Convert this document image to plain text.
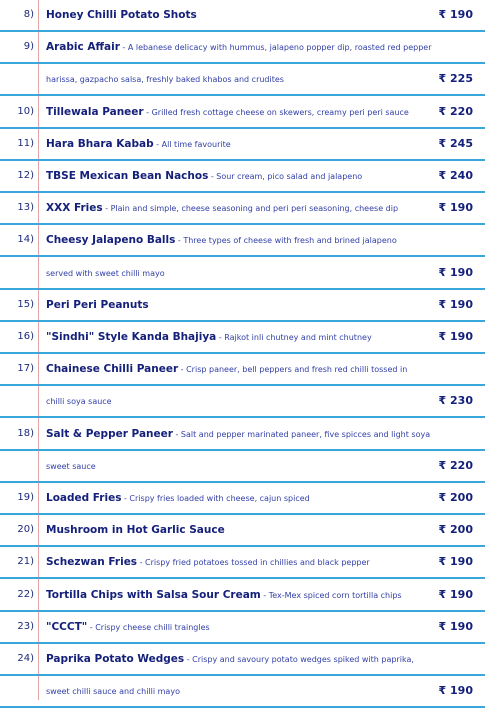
8) Honey Chilli Potato Shots	₹ 190
9) Arabic Affair - A lebanese delicacy with hummus, jalapeno popper dip, roasted red pepper
harissa, gazpacho salsa, freshly baked khabos and crudites	₹ 225
10) Tillewala Paneer - Grilled fresh cottage cheese on skewers, creamy peri peri sauce	₹ 220
11) Hara Bhara Kabab - All time favourite	₹ 245
12) TBSE Mexican Bean Nachos - Sour cream, pico salad and jalapeno	₹ 240
13) XXX Fries - Plain and simple, cheese seasoning and peri peri seasoning, cheese dip	₹ 190
14) Cheesy Jalapeno Balls - Three types of cheese with fresh and brined jalapeno
served with sweet chilli mayo	₹ 190
15) Peri Peri Peanuts	₹ 190
16) "Sindhi" Style Kanda Bhajiya - Rajkot inli chutney and mint chutney	₹ 190
17) Chainese Chilli Paneer - Crisp paneer, bell peppers and fresh red chilli tossed in
chilli soya sauce	₹ 230
18) Salt & Pepper Paneer - Salt and pepper marinated paneer, five spicces and light soya
sweet sauce	₹ 220
19) Loaded Fries - Crispy fries loaded with cheese, cajun spiced	₹ 200
20) Mushroom in Hot Garlic Sauce	₹ 200
21) Schezwan Fries - Crispy fried potatoes tossed in chillies and black pepper	₹ 190
22) Tortilla Chips with Salsa Sour Cream - Tex-Mex spiced corn tortilla chips	₹ 190
23) "CCCT" - Crispy cheese chilli traingles	₹ 190
24) Paprika Potato Wedges - Crispy and savoury potato wedges spiked with paprika,
sweet chilli sauce and chilli mayo	₹ 190
